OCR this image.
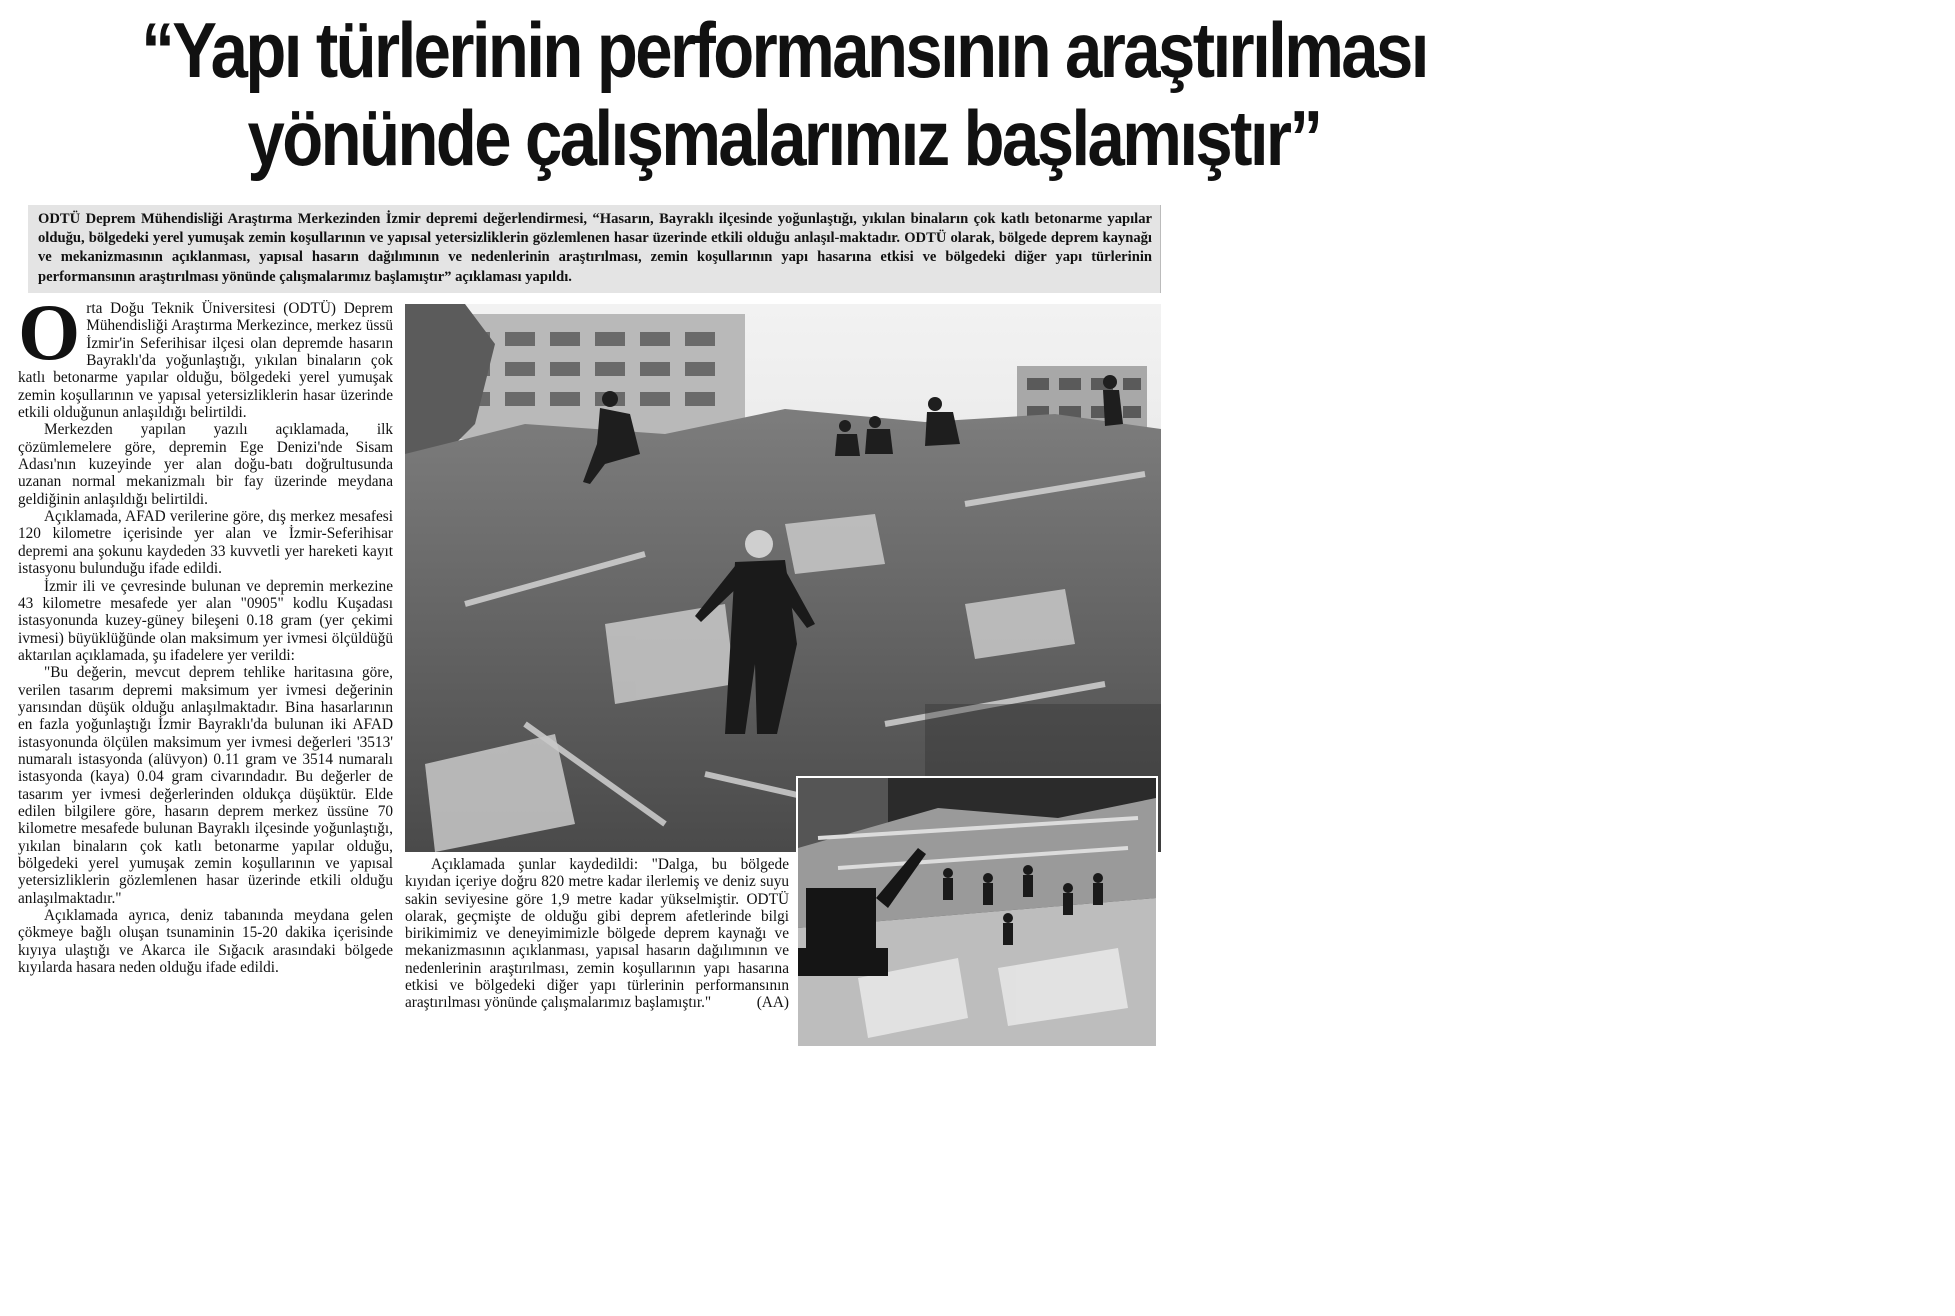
“Yapı türlerinin performansının araştırılması
yönünde çalışmalarımız başlamıştır”
ODTÜ Deprem Mühendisliği Araştırma Merkezinden İzmir depremi değerlendirmesi, “Hasarın, Bayraklı ilçesinde yoğunlaştığı, yıkılan binaların çok katlı betonarme yapılar olduğu, bölgedeki yerel yumuşak zemin koşullarının ve yapısal yetersizliklerin gözlemlenen hasar üzerinde etkili olduğu anlaşıl-maktadır. ODTÜ olarak, bölgede deprem kaynağı ve mekanizmasının açıklanması, yapısal hasarın dağılımının ve nedenlerinin araştırılması, zemin koşullarının yapı hasarına etkisi ve bölgedeki diğer yapı türlerinin performansının araştırılması yönünde çalışmalarımız başlamıştır” açıklaması yapıldı.

Orta Doğu Teknik Üniversitesi (ODTÜ) Deprem Mühendisliği Araştırma Merkezince, merkez üssü İzmir'in Seferihisar ilçesi olan depremde hasarın Bayraklı'da yoğunlaştığı, yıkılan binaların çok katlı betonarme yapılar olduğu, bölgedeki yerel yumuşak zemin koşullarının ve yapısal yetersizliklerin hasar üzerinde etkili olduğunun anlaşıldığı belirtildi.

Merkezden yapılan yazılı açıklamada, ilk çözümlemelere göre, depremin Ege Denizi'nde Sisam Adası'nın kuzeyinde yer alan doğu-batı doğrultusunda uzanan normal mekanizmalı bir fay üzerinde meydana geldiğinin anlaşıldığı belirtildi.

Açıklamada, AFAD verilerine göre, dış merkez mesafesi 120 kilometre içerisinde yer alan ve İzmir-Seferihisar depremi ana şokunu kaydeden 33 kuvvetli yer hareketi kayıt istasyonu bulunduğu ifade edildi.

İzmir ili ve çevresinde bulunan ve depremin merkezine 43 kilometre mesafede yer alan "0905" kodlu Kuşadası istasyonunda kuzey-güney bileşeni 0.18 gram (yer çekimi ivmesi) büyüklüğünde olan maksimum yer ivmesi ölçüldüğü aktarılan açıklamada, şu ifadelere yer verildi:

"Bu değerin, mevcut deprem tehlike haritasına göre, verilen tasarım depremi maksimum yer ivmesi değerinin yarısından düşük olduğu anlaşılmaktadır. Bina hasarlarının en fazla yoğunlaştığı İzmir Bayraklı'da bulunan iki AFAD istasyonunda ölçülen maksimum yer ivmesi değerleri '3513' numaralı istasyonda (alüvyon) 0.11 gram ve 3514 numaralı istasyonda (kaya) 0.04 gram civarındadır. Bu değerler de tasarım yer ivmesi değerlerinden oldukça düşüktür. Elde edilen bilgilere göre, hasarın deprem merkez üssüne 70 kilometre mesafede bulunan Bayraklı ilçesinde yoğunlaştığı, yıkılan binaların çok katlı betonarme yapılar olduğu, bölgedeki yerel yumuşak zemin koşullarının ve yapısal yetersizliklerin gözlemlenen hasar üzerinde etkili olduğu anlaşılmaktadır."

Açıklamada ayrıca, deniz tabanında meydana gelen çökmeye bağlı oluşan tsunaminin 15-20 dakika içerisinde kıyıya ulaştığı ve Akarca ile Sığacık arasındaki bölgede kıyılarda hasara neden olduğu ifade edildi.

Açıklamada şunlar kaydedildi: "Dalga, bu bölgede kıyıdan içeriye doğru 820 metre kadar ilerlemiş ve deniz suyu sakin seviyesine göre 1,9 metre kadar yükselmiştir. ODTÜ olarak, geçmişte de olduğu gibi deprem afetlerinde bilgi birikimimiz ve deneyimimizle bölgede deprem kaynağı ve mekanizmasının açıklanması, yapısal hasarın dağılımının ve nedenlerinin araştırılması, zemin koşullarının yapı hasarına etkisi ve bölgedeki diğer yapı türlerinin performansının araştırılması yönünde çalışmalarımız başlamıştır."	(AA)
